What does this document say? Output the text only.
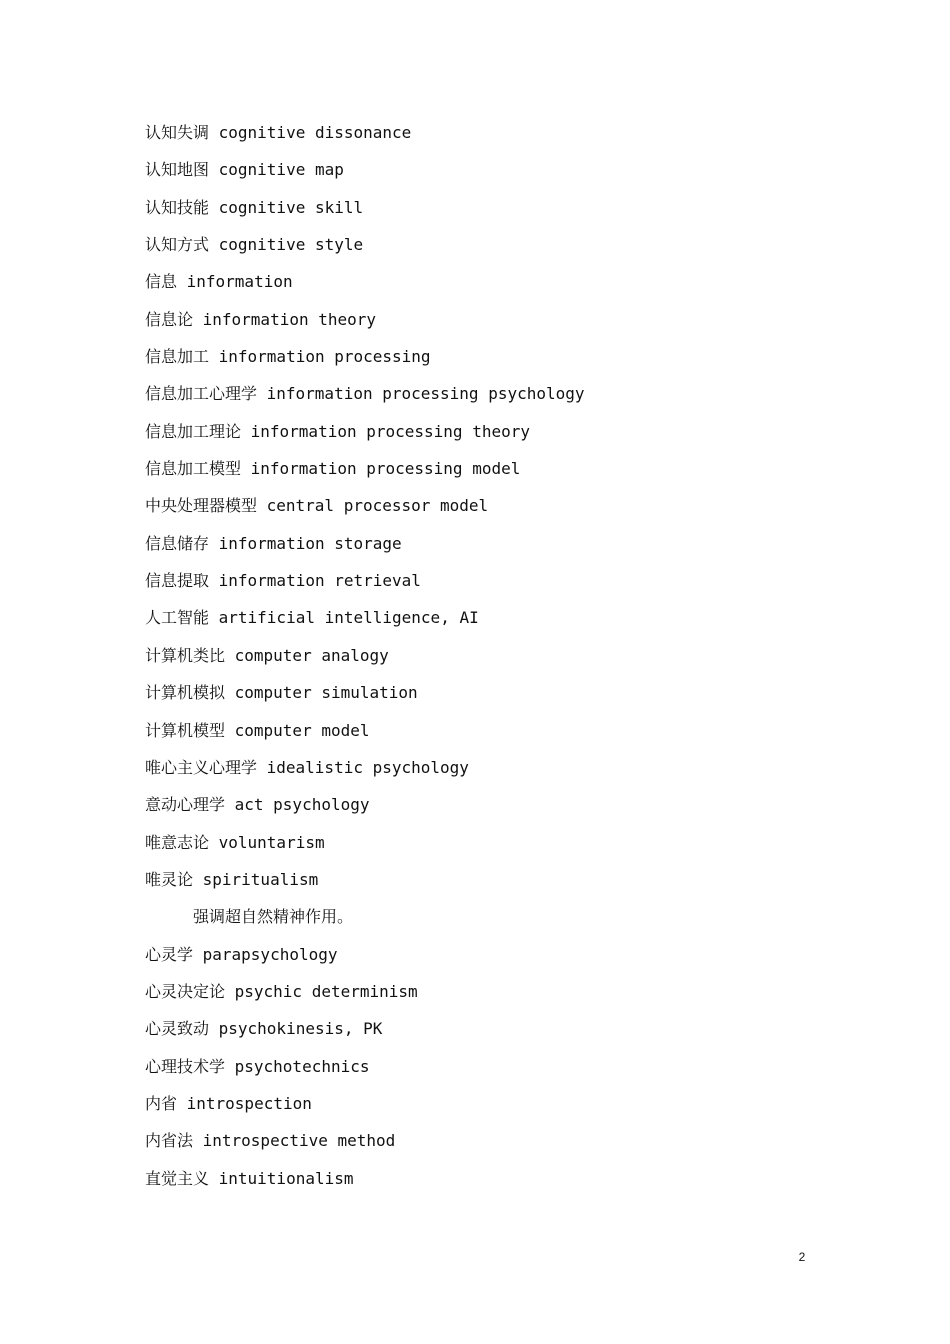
认知失调 cognitive dissonance
认知地图 cognitive map
认知技能 cognitive skill
认知方式 cognitive style
信息 information
信息论 information theory
信息加工 information processing
信息加工心理学 information processing psychology
信息加工理论 information processing theory
信息加工模型 information processing model
中央处理器模型 central processor model
信息储存 information storage
信息提取 information retrieval
人工智能 artificial intelligence, AI
计算机类比 computer analogy
计算机模拟 computer simulation
计算机模型 computer model
唯心主义心理学 idealistic psychology
意动心理学 act psychology
唯意志论 voluntarism
唯灵论 spiritualism
强调超自然精神作用。
心灵学 parapsychology
心灵决定论 psychic determinism
心灵致动 psychokinesis, PK
心理技术学 psychotechnics
内省 introspection
内省法 introspective method
直觉主义 intuitionalism
2
